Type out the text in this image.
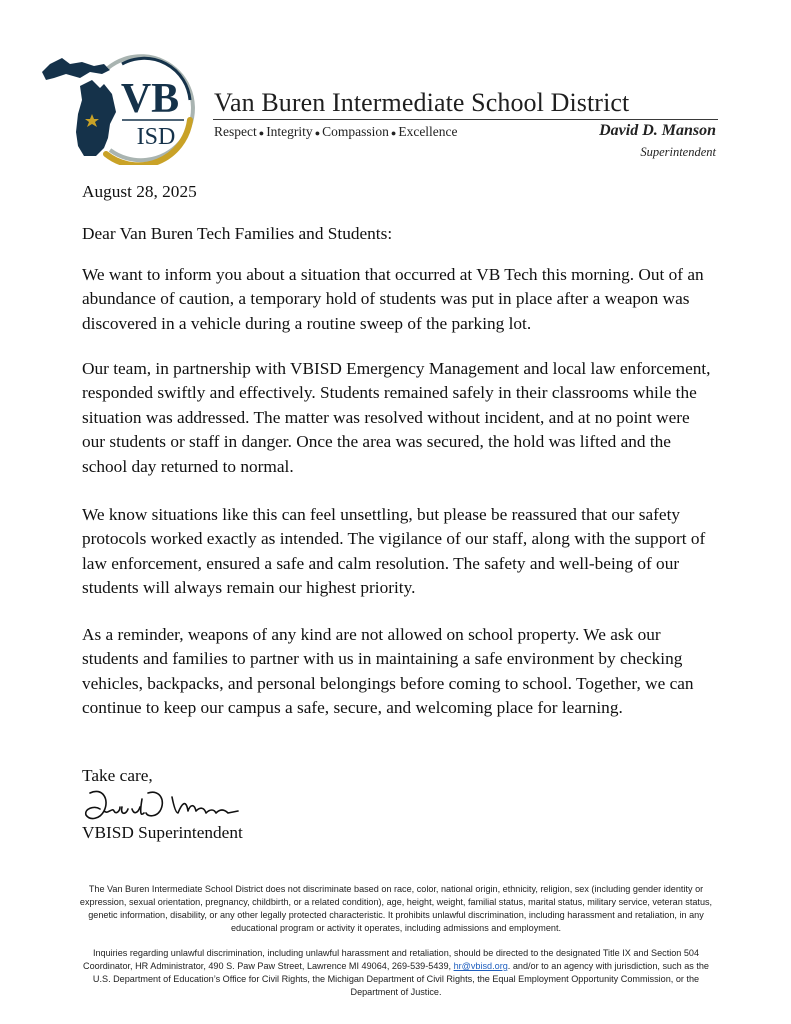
VB
ISD
Van Buren Intermediate School District
Respect ● Integrity ● Compassion ● Excellence	David D. Manson
Superintendent
August 28, 2025
Dear Van Buren Tech Families and Students:
We want to inform you about a situation that occurred at VB Tech this morning. Out of an abundance of caution, a temporary hold of students was put in place after a weapon was discovered in a vehicle during a routine sweep of the parking lot.
Our team, in partnership with VBISD Emergency Management and local law enforcement, responded swiftly and effectively. Students remained safely in their classrooms while the situation was addressed. The matter was resolved without incident, and at no point were our students or staff in danger. Once the area was secured, the hold was lifted and the school day returned to normal.
We know situations like this can feel unsettling, but please be reassured that our safety protocols worked exactly as intended. The vigilance of our staff, along with the support of law enforcement, ensured a safe and calm resolution. The safety and well-being of our students will always remain our highest priority.
As a reminder, weapons of any kind are not allowed on school property. We ask our students and families to partner with us in maintaining a safe environment by checking vehicles, backpacks, and personal belongings before coming to school. Together, we can continue to keep our campus a safe, secure, and welcoming place for learning.
Take care,
VBISD Superintendent
The Van Buren Intermediate School District does not discriminate based on race, color, national origin, ethnicity, religion, sex (including gender identity or expression, sexual orientation, pregnancy, childbirth, or a related condition), age, height, weight, familial status, marital status, military service, veteran status, genetic information, disability, or any other legally protected characteristic. It prohibits unlawful discrimination, including harassment and retaliation, in any educational program or activity it operates, including admissions and employment.
Inquiries regarding unlawful discrimination, including unlawful harassment and retaliation, should be directed to the designated Title IX and Section 504 Coordinator, HR Administrator, 490 S. Paw Paw Street, Lawrence MI 49064, 269-539-5439, hr@vbisd.org. and/or to an agency with jurisdiction, such as the U.S. Department of Education’s Office for Civil Rights, the Michigan Department of Civil Rights, the Equal Employment Opportunity Commission, or the Department of Justice.
